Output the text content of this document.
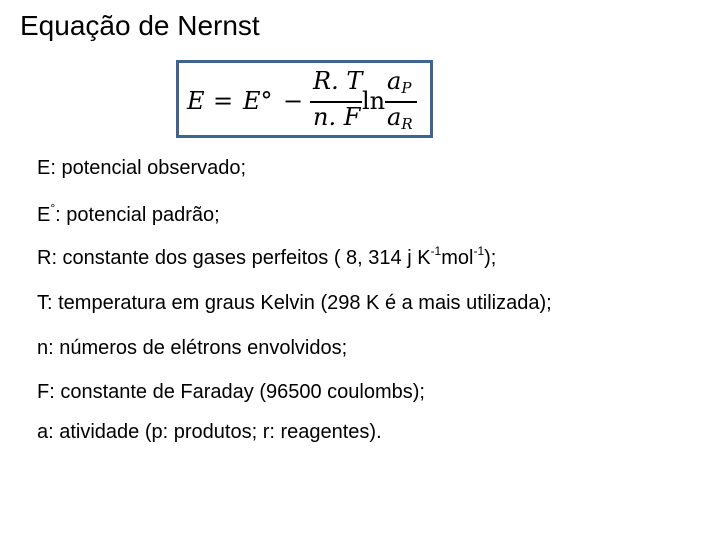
Equação de Nernst
E = E° −
R. T
n. F
ln
$a_P$
$a_R$
E: potencial observado;
E°: potencial padrão;
R: constante dos gases perfeitos ( 8, 314 j $K^{-1}mol^{-1}$);
T: temperatura em graus Kelvin (298 K é a mais utilizada);
n: números de elétrons envolvidos;
F: constante de Faraday (96500 coulombs);
a: atividade (p: produtos; r: reagentes).
